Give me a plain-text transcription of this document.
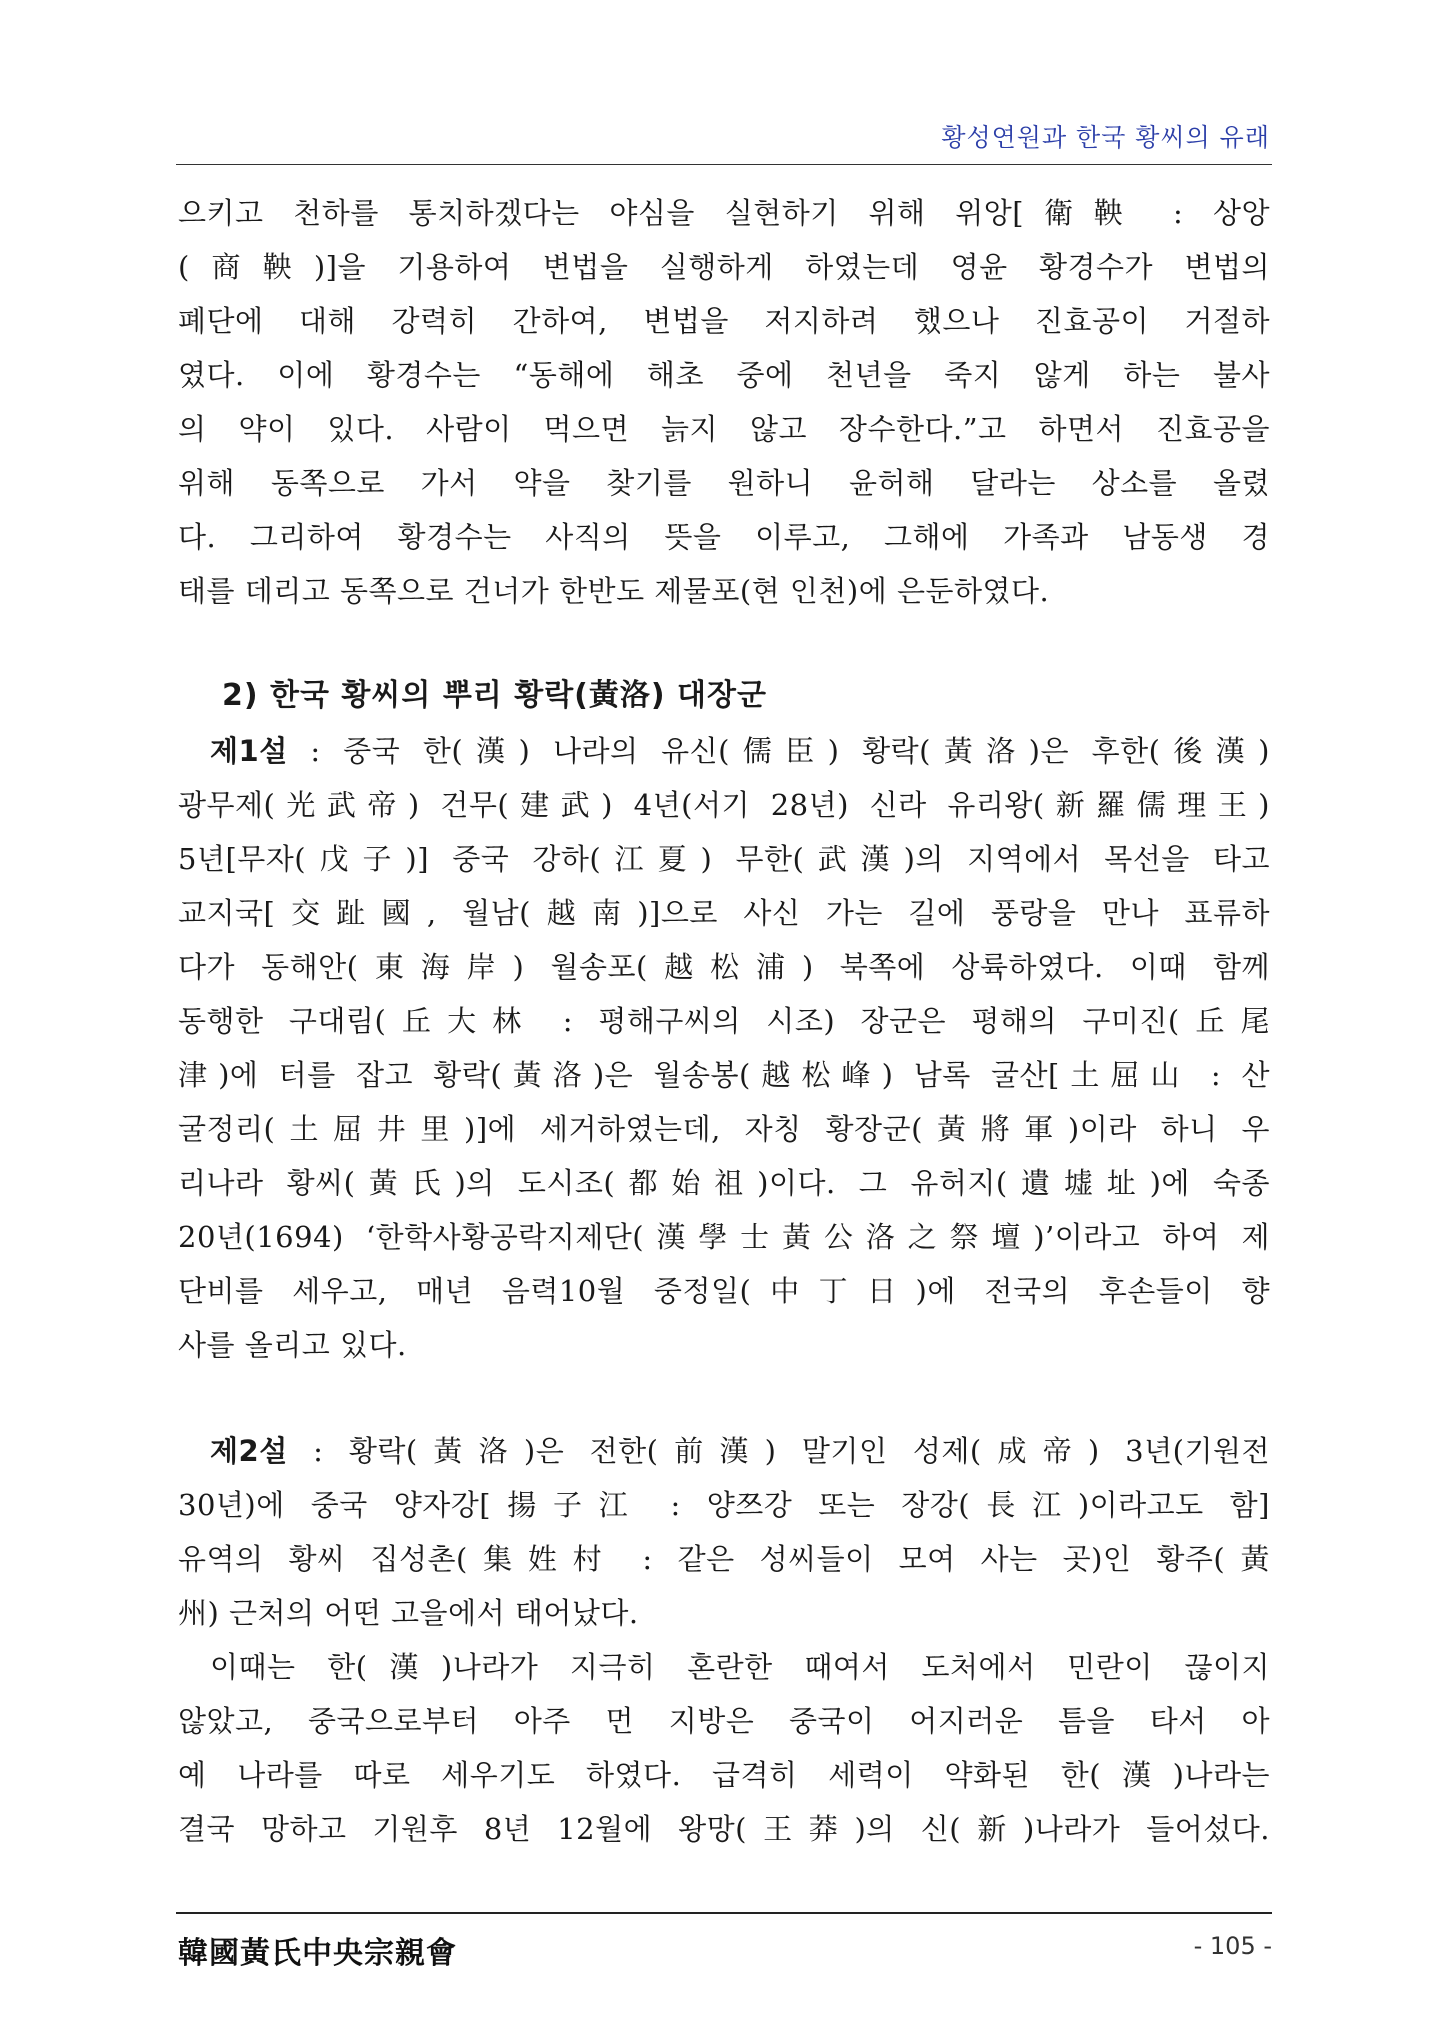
황성연원과 한국 황씨의 유래
으키고 천하를 통치하겠다는 야심을 실현하기 위해 위앙[衛鞅 : 상앙
(商鞅)]을 기용하여 변법을 실행하게 하였는데 영윤 황경수가 변법의
폐단에 대해 강력히 간하여, 변법을 저지하려 했으나 진효공이 거절하
였다. 이에 황경수는 “동해에 해초 중에 천년을 죽지 않게 하는 불사
의 약이 있다. 사람이 먹으면 늙지 않고 장수한다.”고 하면서 진효공을
위해 동쪽으로 가서 약을 찾기를 원하니 윤허해 달라는 상소를 올렸
다. 그리하여 황경수는 사직의 뜻을 이루고, 그해에 가족과 남동생 경
태를 데리고 동쪽으로 건너가 한반도 제물포(현 인천)에 은둔하였다.
2) 한국 황씨의 뿌리 황락(黃洛) 대장군
제1설 : 중국 한(漢) 나라의 유신(儒臣) 황락(黃洛)은 후한(後漢)
광무제(光武帝) 건무(建武) 4년(서기 28년) 신라 유리왕(新羅儒理王)
5년[무자(戊子)] 중국 강하(江夏) 무한(武漢)의 지역에서 목선을 타고
교지국[交趾國, 월남(越南)]으로 사신 가는 길에 풍랑을 만나 표류하
다가 동해안(東海岸) 월송포(越松浦) 북쪽에 상륙하였다. 이때 함께
동행한 구대림(丘大林 : 평해구씨의 시조) 장군은 평해의 구미진(丘尾
津)에 터를 잡고 황락(黃洛)은 월송봉(越松峰) 남록 굴산[土屈山 : 산
굴정리(土屈井里)]에 세거하였는데, 자칭 황장군(黃將軍)이라 하니 우
리나라 황씨(黃氏)의 도시조(都始祖)이다. 그 유허지(遺墟址)에 숙종
20년(1694) ‘한학사황공락지제단(漢學士黃公洛之祭壇)’이라고 하여 제
단비를 세우고, 매년 음력10월 중정일(中丁日)에 전국의 후손들이 향
사를 올리고 있다.
제2설 : 황락(黃洛)은 전한(前漢) 말기인 성제(成帝) 3년(기원전
30년)에 중국 양자강[揚子江 : 양쯔강 또는 장강(長江)이라고도 함]
유역의 황씨 집성촌(集姓村 : 같은 성씨들이 모여 사는 곳)인 황주(黃
州) 근처의 어떤 고을에서 태어났다.
이때는 한(漢)나라가 지극히 혼란한 때여서 도처에서 민란이 끊이지
않았고, 중국으로부터 아주 먼 지방은 중국이 어지러운 틈을 타서 아
예 나라를 따로 세우기도 하였다. 급격히 세력이 약화된 한(漢)나라는
결국 망하고 기원후 8년 12월에 왕망(王莽)의 신(新)나라가 들어섰다.
韓國黃氏中央宗親會	- 105 -
